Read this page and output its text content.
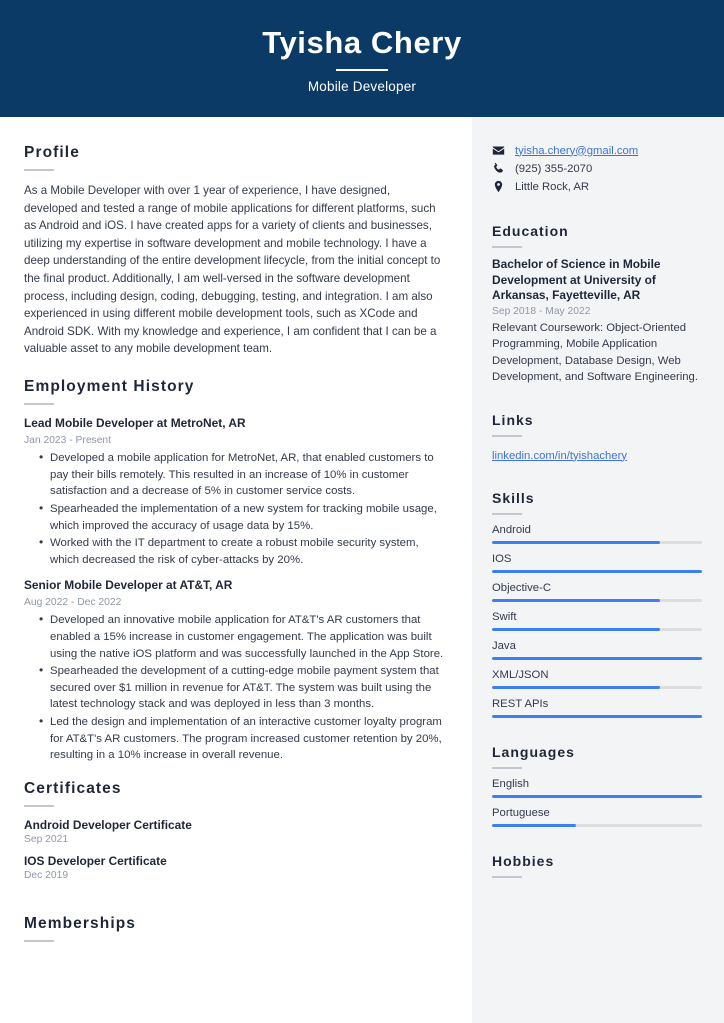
Tyisha Chery
Mobile Developer
Profile

As a Mobile Developer with over 1 year of experience, I have designed, developed and tested a range of mobile applications for different platforms, such as Android and iOS. I have created apps for a variety of clients and businesses, utilizing my expertise in software development and mobile technology. I have a deep understanding of the entire development lifecycle, from the initial concept to the final product. Additionally, I am well-versed in the software development process, including design, coding, debugging, testing, and integration. I am also experienced in using different mobile development tools, such as XCode and Android SDK. With my knowledge and experience, I am confident that I can be a valuable asset to any mobile development team.

Employment History
Lead Mobile Developer at MetroNet, AR
Jan 2023 - Present
• Developed a mobile application for MetroNet, AR, that enabled customers to pay their bills remotely. This resulted in an increase of 10% in customer satisfaction and a decrease of 5% in customer service costs.
• Spearheaded the implementation of a new system for tracking mobile usage, which improved the accuracy of usage data by 15%.
• Worked with the IT department to create a robust mobile security system, which decreased the risk of cyber-attacks by 20%.
Senior Mobile Developer at AT&T, AR
Aug 2022 - Dec 2022
• Developed an innovative mobile application for AT&T's AR customers that enabled a 15% increase in customer engagement. The application was built using the native iOS platform and was successfully launched in the App Store.
• Spearheaded the development of a cutting-edge mobile payment system that secured over $1 million in revenue for AT&T. The system was built using the latest technology stack and was deployed in less than 3 months.
• Led the design and implementation of an interactive customer loyalty program for AT&T's AR customers. The program increased customer retention by 20%, resulting in a 10% increase in overall revenue.
Certificates
Android Developer Certificate
Sep 2021
IOS Developer Certificate
Dec 2019
Memberships
tyisha.chery@gmail.com
(925) 355-2070
Little Rock, AR
Education
Bachelor of Science in Mobile Development at University of Arkansas, Fayetteville, AR
Sep 2018 - May 2022
Relevant Coursework: Object-Oriented Programming, Mobile Application Development, Database Design, Web Development, and Software Engineering.
Links
linkedin.com/in/tyishachery
Skills
Android
IOS
Objective-C
Swift
Java
XML/JSON
REST APIs
Languages
English
Portuguese
Hobbies
